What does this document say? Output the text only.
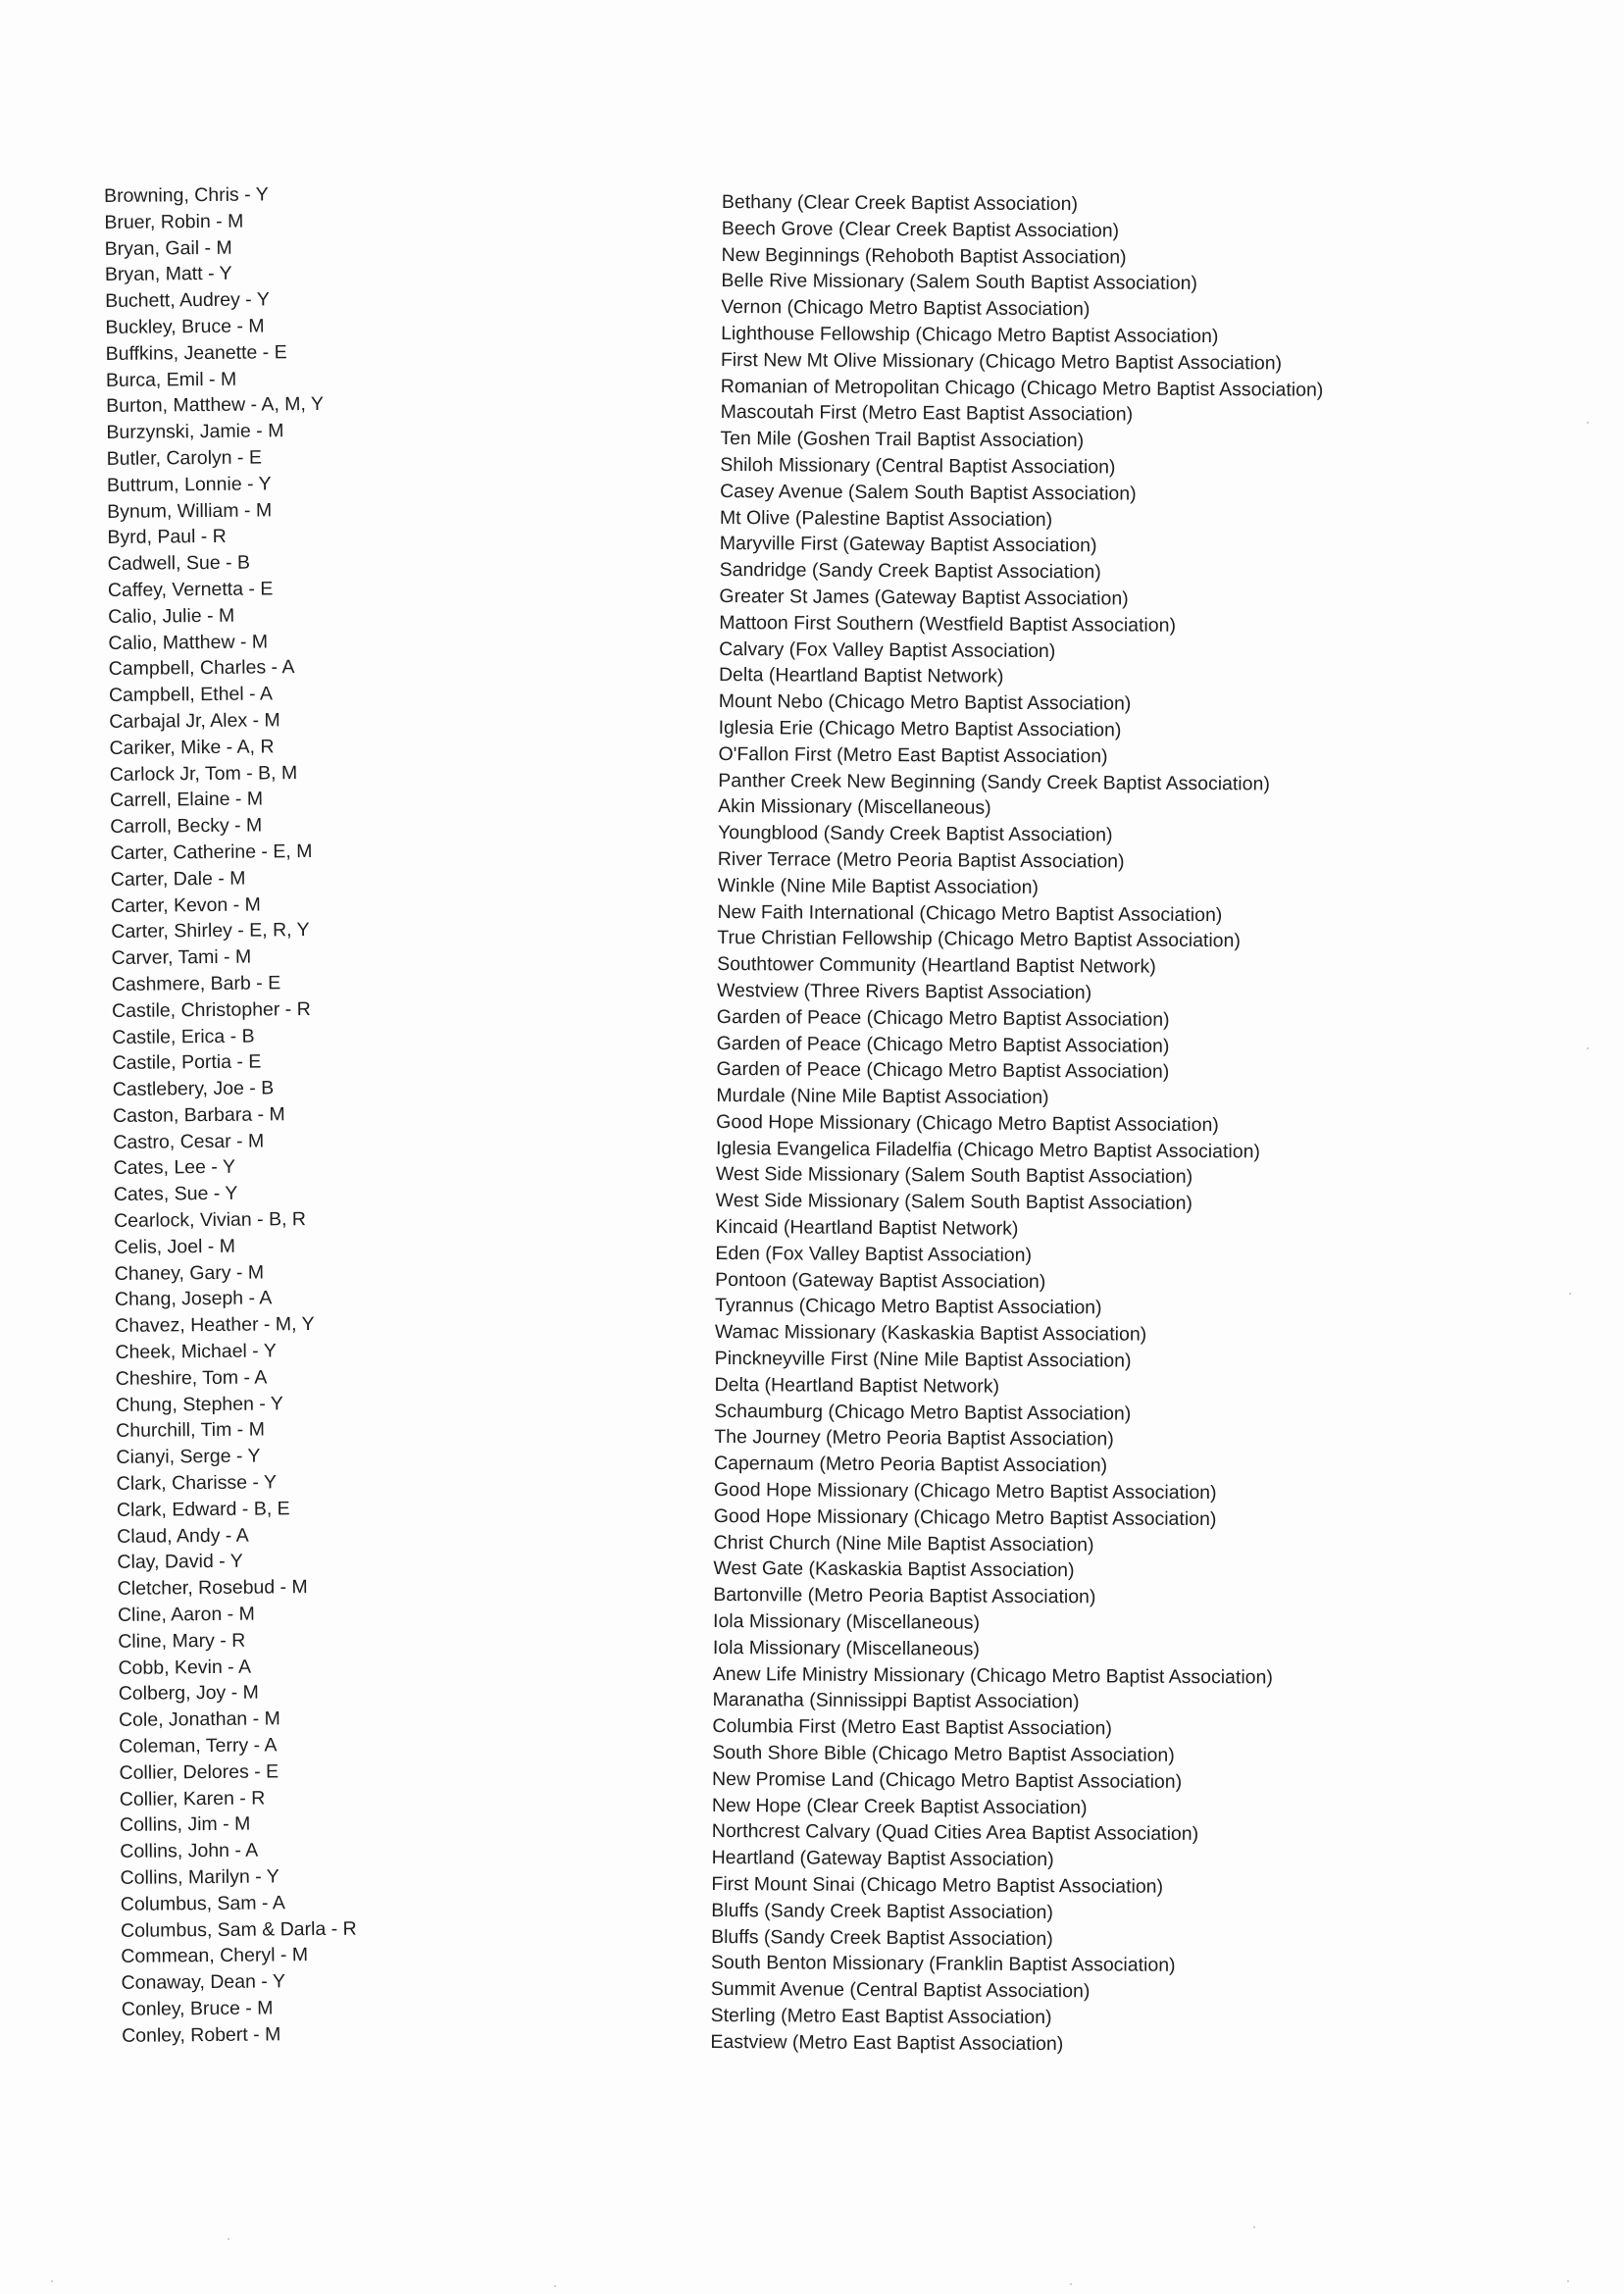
Browning, Chris - Y
Bruer, Robin - M
Bryan, Gail - M
Bryan, Matt - Y
Buchett, Audrey - Y
Buckley, Bruce - M
Buffkins, Jeanette - E
Burca, Emil - M
Burton, Matthew - A, M, Y
Burzynski, Jamie - M
Butler, Carolyn - E
Buttrum, Lonnie - Y
Bynum, William - M
Byrd, Paul - R
Cadwell, Sue - B
Caffey, Vernetta - E
Calio, Julie - M
Calio, Matthew - M
Campbell, Charles - A
Campbell, Ethel - A
Carbajal Jr, Alex - M
Cariker, Mike - A, R
Carlock Jr, Tom - B, M
Carrell, Elaine - M
Carroll, Becky - M
Carter, Catherine - E, M
Carter, Dale - M
Carter, Kevon - M
Carter, Shirley - E, R, Y
Carver, Tami - M
Cashmere, Barb - E
Castile, Christopher - R
Castile, Erica - B
Castile, Portia - E
Castlebery, Joe - B
Caston, Barbara - M
Castro, Cesar - M
Cates, Lee - Y
Cates, Sue - Y
Cearlock, Vivian - B, R
Celis, Joel - M
Chaney, Gary - M
Chang, Joseph - A
Chavez, Heather - M, Y
Cheek, Michael - Y
Cheshire, Tom - A
Chung, Stephen - Y
Churchill, Tim - M
Cianyi, Serge - Y
Clark, Charisse - Y
Clark, Edward - B, E
Claud, Andy - A
Clay, David - Y
Cletcher, Rosebud - M
Cline, Aaron - M
Cline, Mary - R
Cobb, Kevin - A
Colberg, Joy - M
Cole, Jonathan - M
Coleman, Terry - A
Collier, Delores - E
Collier, Karen - R
Collins, Jim - M
Collins, John - A
Collins, Marilyn - Y
Columbus, Sam - A
Columbus, Sam & Darla - R
Commean, Cheryl - M
Conaway, Dean - Y
Conley, Bruce - M
Conley, Robert - M
Bethany (Clear Creek Baptist Association)
Beech Grove (Clear Creek Baptist Association)
New Beginnings (Rehoboth Baptist Association)
Belle Rive Missionary (Salem South Baptist Association)
Vernon (Chicago Metro Baptist Association)
Lighthouse Fellowship (Chicago Metro Baptist Association)
First New Mt Olive Missionary (Chicago Metro Baptist Association)
Romanian of Metropolitan Chicago (Chicago Metro Baptist Association)
Mascoutah First (Metro East Baptist Association)
Ten Mile (Goshen Trail Baptist Association)
Shiloh Missionary (Central Baptist Association)
Casey Avenue (Salem South Baptist Association)
Mt Olive (Palestine Baptist Association)
Maryville First (Gateway Baptist Association)
Sandridge (Sandy Creek Baptist Association)
Greater St James (Gateway Baptist Association)
Mattoon First Southern (Westfield Baptist Association)
Calvary (Fox Valley Baptist Association)
Delta (Heartland Baptist Network)
Mount Nebo (Chicago Metro Baptist Association)
Iglesia Erie (Chicago Metro Baptist Association)
O'Fallon First (Metro East Baptist Association)
Panther Creek New Beginning (Sandy Creek Baptist Association)
Akin Missionary (Miscellaneous)
Youngblood (Sandy Creek Baptist Association)
River Terrace (Metro Peoria Baptist Association)
Winkle (Nine Mile Baptist Association)
New Faith International (Chicago Metro Baptist Association)
True Christian Fellowship (Chicago Metro Baptist Association)
Southtower Community (Heartland Baptist Network)
Westview (Three Rivers Baptist Association)
Garden of Peace (Chicago Metro Baptist Association)
Garden of Peace (Chicago Metro Baptist Association)
Garden of Peace (Chicago Metro Baptist Association)
Murdale (Nine Mile Baptist Association)
Good Hope Missionary (Chicago Metro Baptist Association)
Iglesia Evangelica Filadelfia (Chicago Metro Baptist Association)
West Side Missionary (Salem South Baptist Association)
West Side Missionary (Salem South Baptist Association)
Kincaid (Heartland Baptist Network)
Eden (Fox Valley Baptist Association)
Pontoon (Gateway Baptist Association)
Tyrannus (Chicago Metro Baptist Association)
Wamac Missionary (Kaskaskia Baptist Association)
Pinckneyville First (Nine Mile Baptist Association)
Delta (Heartland Baptist Network)
Schaumburg (Chicago Metro Baptist Association)
The Journey (Metro Peoria Baptist Association)
Capernaum (Metro Peoria Baptist Association)
Good Hope Missionary (Chicago Metro Baptist Association)
Good Hope Missionary (Chicago Metro Baptist Association)
Christ Church (Nine Mile Baptist Association)
West Gate (Kaskaskia Baptist Association)
Bartonville (Metro Peoria Baptist Association)
Iola Missionary (Miscellaneous)
Iola Missionary (Miscellaneous)
Anew Life Ministry Missionary (Chicago Metro Baptist Association)
Maranatha (Sinnissippi Baptist Association)
Columbia First (Metro East Baptist Association)
South Shore Bible (Chicago Metro Baptist Association)
New Promise Land (Chicago Metro Baptist Association)
New Hope (Clear Creek Baptist Association)
Northcrest Calvary (Quad Cities Area Baptist Association)
Heartland (Gateway Baptist Association)
First Mount Sinai (Chicago Metro Baptist Association)
Bluffs (Sandy Creek Baptist Association)
Bluffs (Sandy Creek Baptist Association)
South Benton Missionary (Franklin Baptist Association)
Summit Avenue (Central Baptist Association)
Sterling (Metro East Baptist Association)
Eastview (Metro East Baptist Association)
